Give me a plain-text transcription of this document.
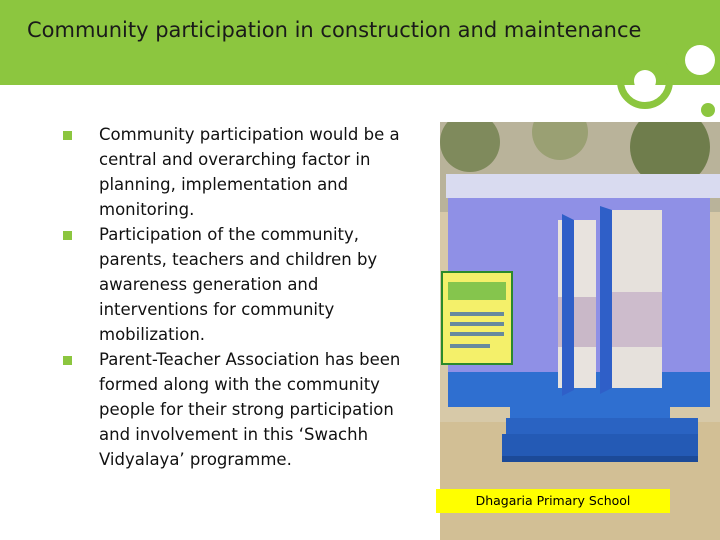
Community participation in construction and maintenance
Community participation would be a central and overarching factor in planning, implementation and monitoring.
Participation of the community, parents, teachers and children by awareness generation and interventions for community mobilization.
Parent-Teacher Association has been formed along with the community people for their strong participation and involvement in this ‘Swachh Vidyalaya’ programme.
Dhagaria Primary School
